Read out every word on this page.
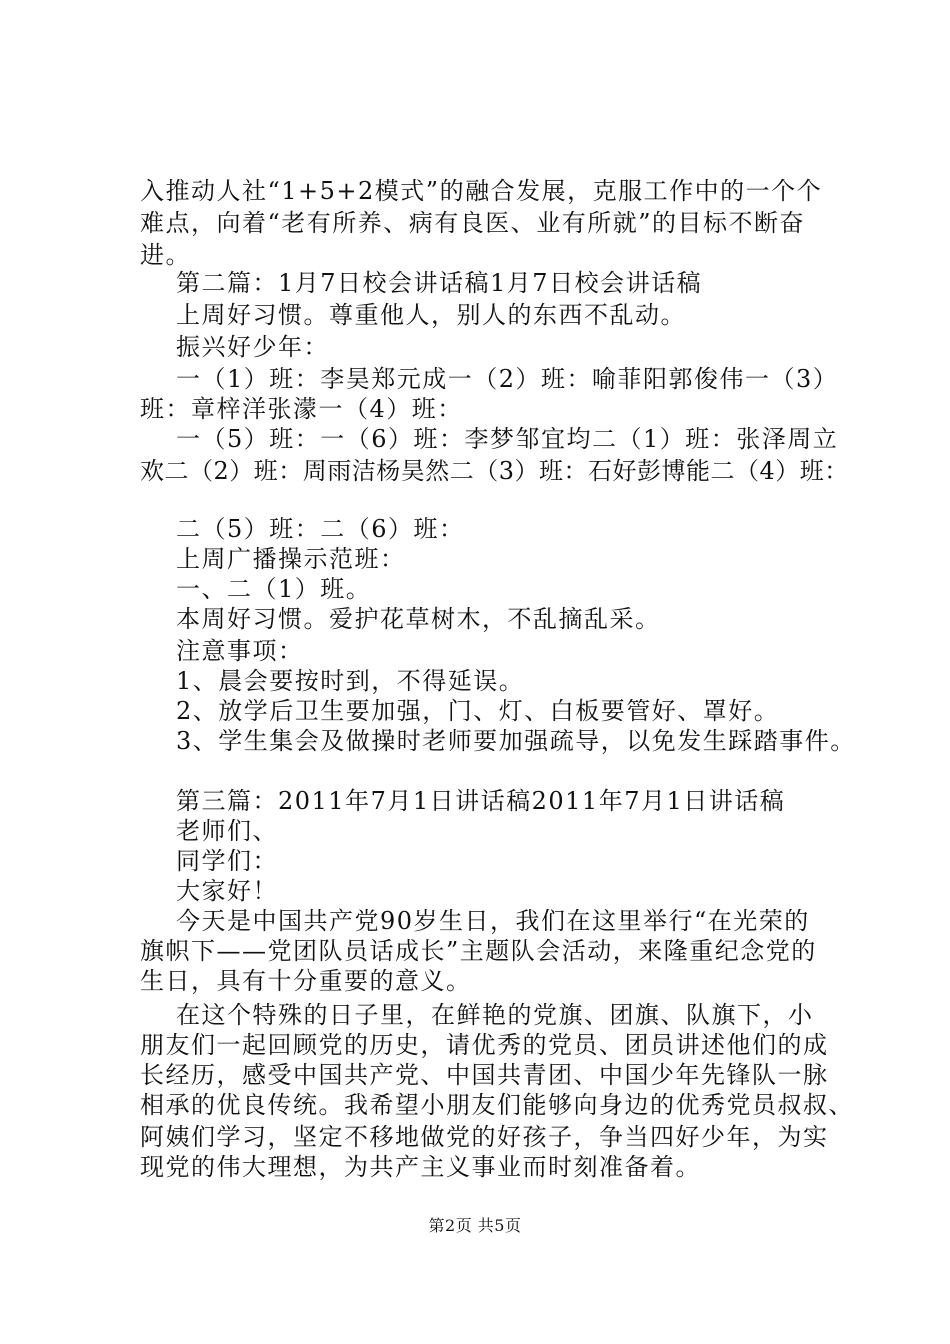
入推动人社“1+5+2模式”的融合发展，克服工作中的一个个
难点，向着“老有所养、病有良医、业有所就”的目标不断奋
进。
第二篇：1月7日校会讲话稿1月7日校会讲话稿
上周好习惯。尊重他人，别人的东西不乱动。
振兴好少年：
一（1）班：李昊郑元成一（2）班：喻菲阳郭俊伟一（3）
班：章梓洋张濛一（4）班：
一（5）班：一（6）班：李梦邹宜均二（1）班：张泽周立
欢二（2）班：周雨洁杨昊然二（3）班：石好彭博能二（4）班：
二（5）班：二（6）班：
上周广播操示范班：
一、二（1）班。
本周好习惯。爱护花草树木，不乱摘乱采。
注意事项：
1、晨会要按时到，不得延误。
2、放学后卫生要加强，门、灯、白板要管好、罩好。
3、学生集会及做操时老师要加强疏导，以免发生踩踏事件。
第三篇：2011年7月1日讲话稿2011年7月1日讲话稿
老师们、
同学们：
大家好！
今天是中国共产党90岁生日，我们在这里举行“在光荣的
旗帜下——党团队员话成长”主题队会活动，来隆重纪念党的
生日，具有十分重要的意义。
在这个特殊的日子里，在鲜艳的党旗、团旗、队旗下，小
朋友们一起回顾党的历史，请优秀的党员、团员讲述他们的成
长经历，感受中国共产党、中国共青团、中国少年先锋队一脉
相承的优良传统。我希望小朋友们能够向身边的优秀党员叔叔、
阿姨们学习，坚定不移地做党的好孩子，争当四好少年，为实
现党的伟大理想，为共产主义事业而时刻准备着。
第2页 共5页
